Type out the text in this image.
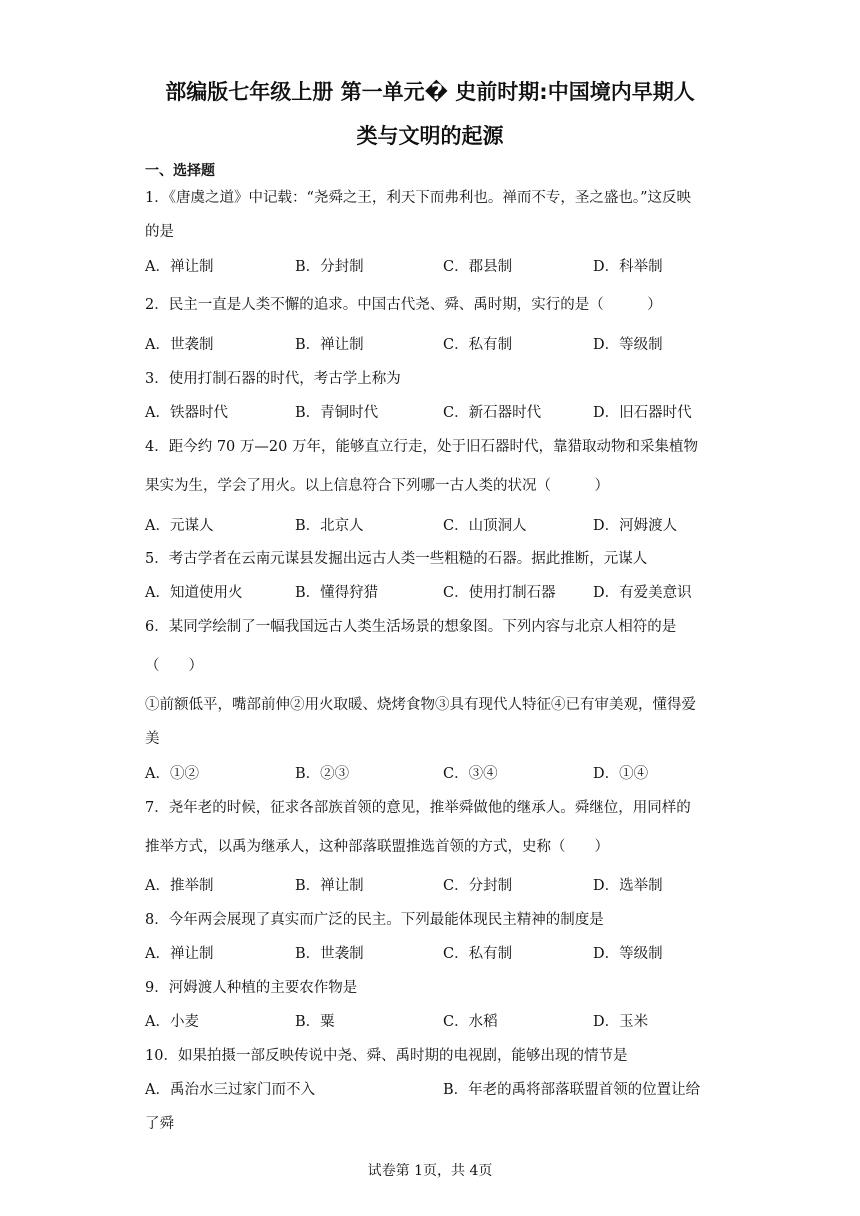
部编版七年级上册 第一单元� 史前时期:中国境内早期人
类与文明的起源
一、选择题
1．《唐虞之道》中记载：“尧舜之王，利天下而弗利也。禅而不专，圣之盛也。”这反映
的是
A．禅让制	B．分封制	C．郡县制	D．科举制
2．民主一直是人类不懈的追求。中国古代尧、舜、禹时期，实行的是（　　　）
A．世袭制	B．禅让制	C．私有制	D．等级制
3．使用打制石器的时代，考古学上称为
A．铁器时代	B．青铜时代	C．新石器时代	D．旧石器时代
4．距今约 70 万—20 万年，能够直立行走，处于旧石器时代，靠猎取动物和采集植物
果实为生，学会了用火。以上信息符合下列哪一古人类的状况（　　　）
A．元谋人	B．北京人	C．山顶洞人	D．河姆渡人
5．考古学者在云南元谋县发掘出远古人类一些粗糙的石器。据此推断，元谋人
A．知道使用火	B．懂得狩猎	C．使用打制石器	D．有爱美意识
6．某同学绘制了一幅我国远古人类生活场景的想象图。下列内容与北京人相符的是
（　　）
①前额低平，嘴部前伸②用火取暖、烧烤食物③具有现代人特征④已有审美观，懂得爱
美
A．①②	B．②③	C．③④	D．①④
7．尧年老的时候，征求各部族首领的意见，推举舜做他的继承人。舜继位，用同样的
推举方式，以禹为继承人，这种部落联盟推选首领的方式，史称（　　）
A．推举制	B．禅让制	C．分封制	D．选举制
8．今年两会展现了真实而广泛的民主。下列最能体现民主精神的制度是
A．禅让制	B．世袭制	C．私有制	D．等级制
9．河姆渡人种植的主要农作物是
A．小麦	B．粟	C．水稻	D．玉米
10．如果拍摄一部反映传说中尧、舜、禹时期的电视剧，能够出现的情节是
A．禹治水三过家门而不入	B．年老的禹将部落联盟首领的位置让给
了舜
试卷第 1页，共 4页
